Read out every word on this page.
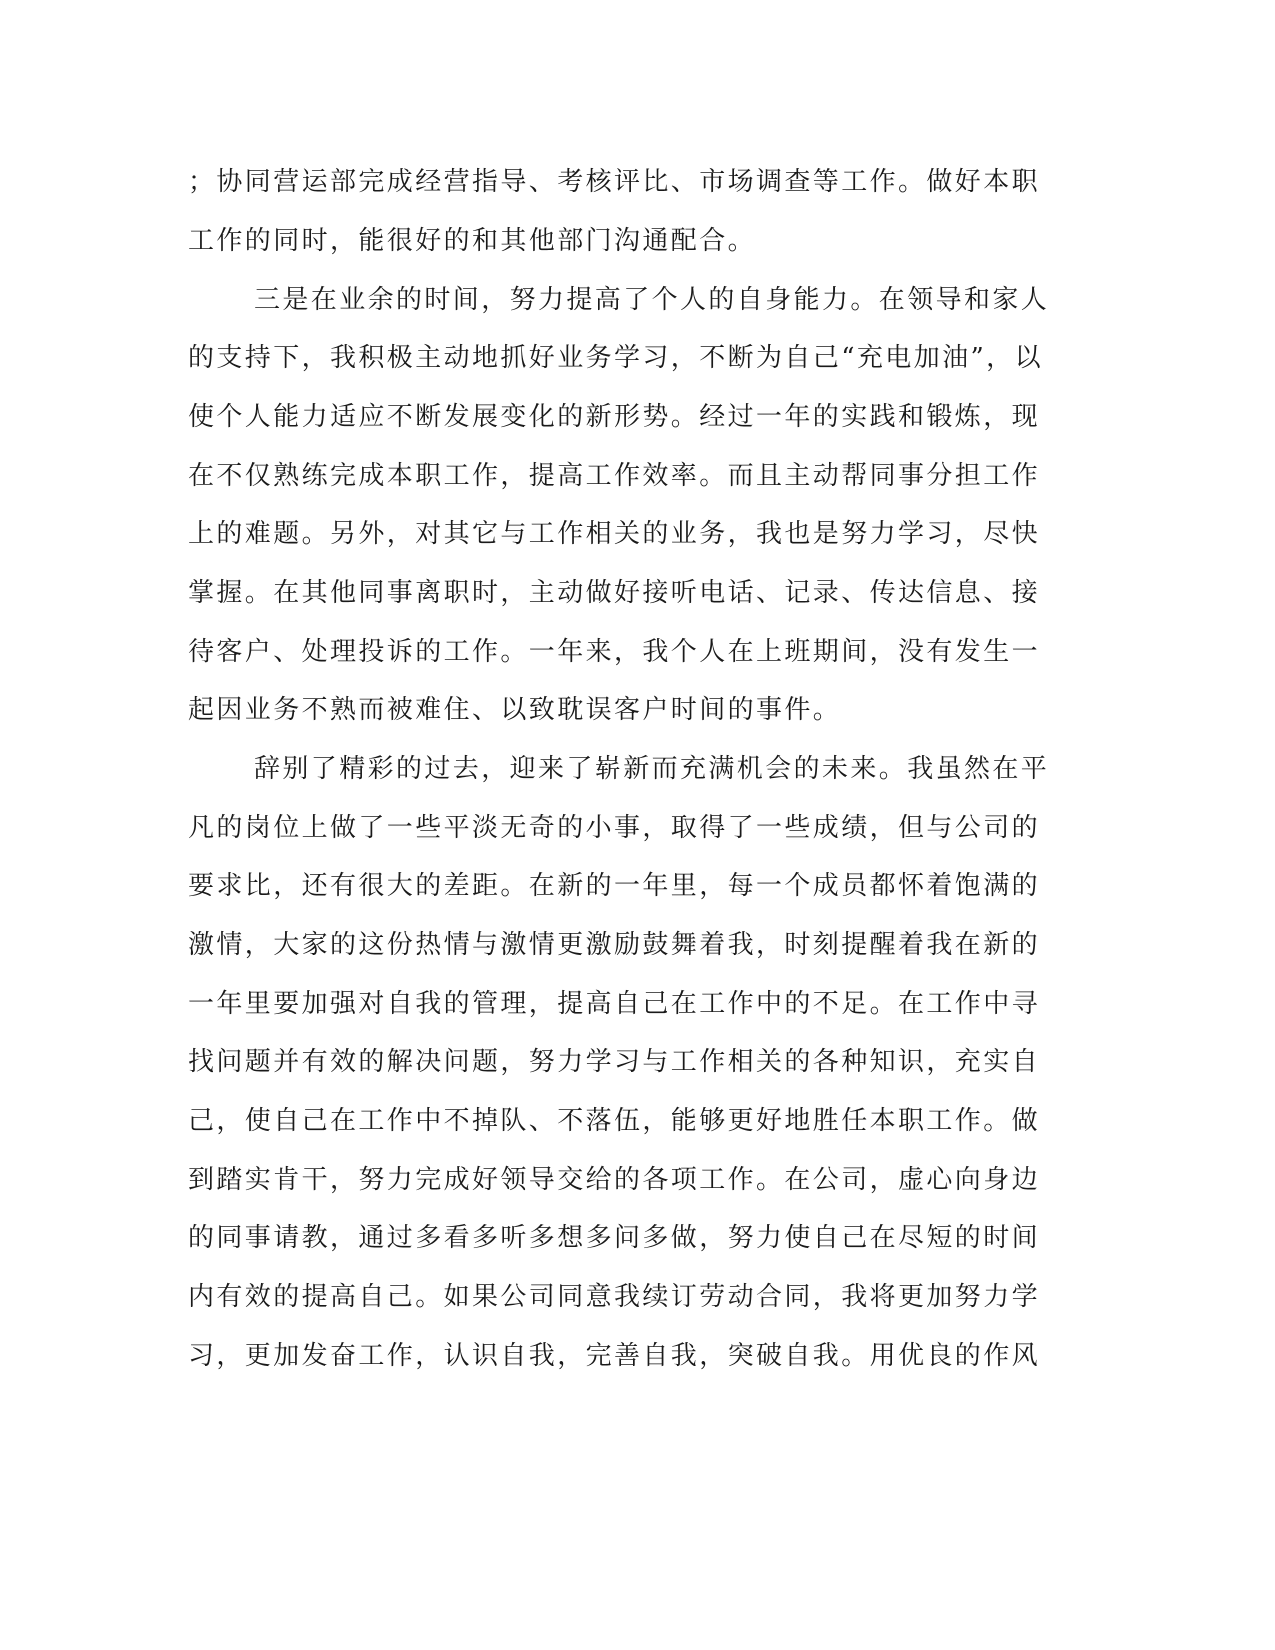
；协同营运部完成经营指导、考核评比、市场调查等工作。做好本职
工作的同时，能很好的和其他部门沟通配合。
三是在业余的时间，努力提高了个人的自身能力。在领导和家人
的支持下，我积极主动地抓好业务学习，不断为自己“充电加油”，以
使个人能力适应不断发展变化的新形势。经过一年的实践和锻炼，现
在不仅熟练完成本职工作，提高工作效率。而且主动帮同事分担工作
上的难题。另外，对其它与工作相关的业务，我也是努力学习，尽快
掌握。在其他同事离职时，主动做好接听电话、记录、传达信息、接
待客户、处理投诉的工作。一年来，我个人在上班期间，没有发生一
起因业务不熟而被难住、以致耽误客户时间的事件。
辞别了精彩的过去，迎来了崭新而充满机会的未来。我虽然在平
凡的岗位上做了一些平淡无奇的小事，取得了一些成绩，但与公司的
要求比，还有很大的差距。在新的一年里，每一个成员都怀着饱满的
激情，大家的这份热情与激情更激励鼓舞着我，时刻提醒着我在新的
一年里要加强对自我的管理，提高自己在工作中的不足。在工作中寻
找问题并有效的解决问题，努力学习与工作相关的各种知识，充实自
己，使自己在工作中不掉队、不落伍，能够更好地胜任本职工作。做
到踏实肯干，努力完成好领导交给的各项工作。在公司，虚心向身边
的同事请教，通过多看多听多想多问多做，努力使自己在尽短的时间
内有效的提高自己。如果公司同意我续订劳动合同，我将更加努力学
习，更加发奋工作，认识自我，完善自我，突破自我。用优良的作风
